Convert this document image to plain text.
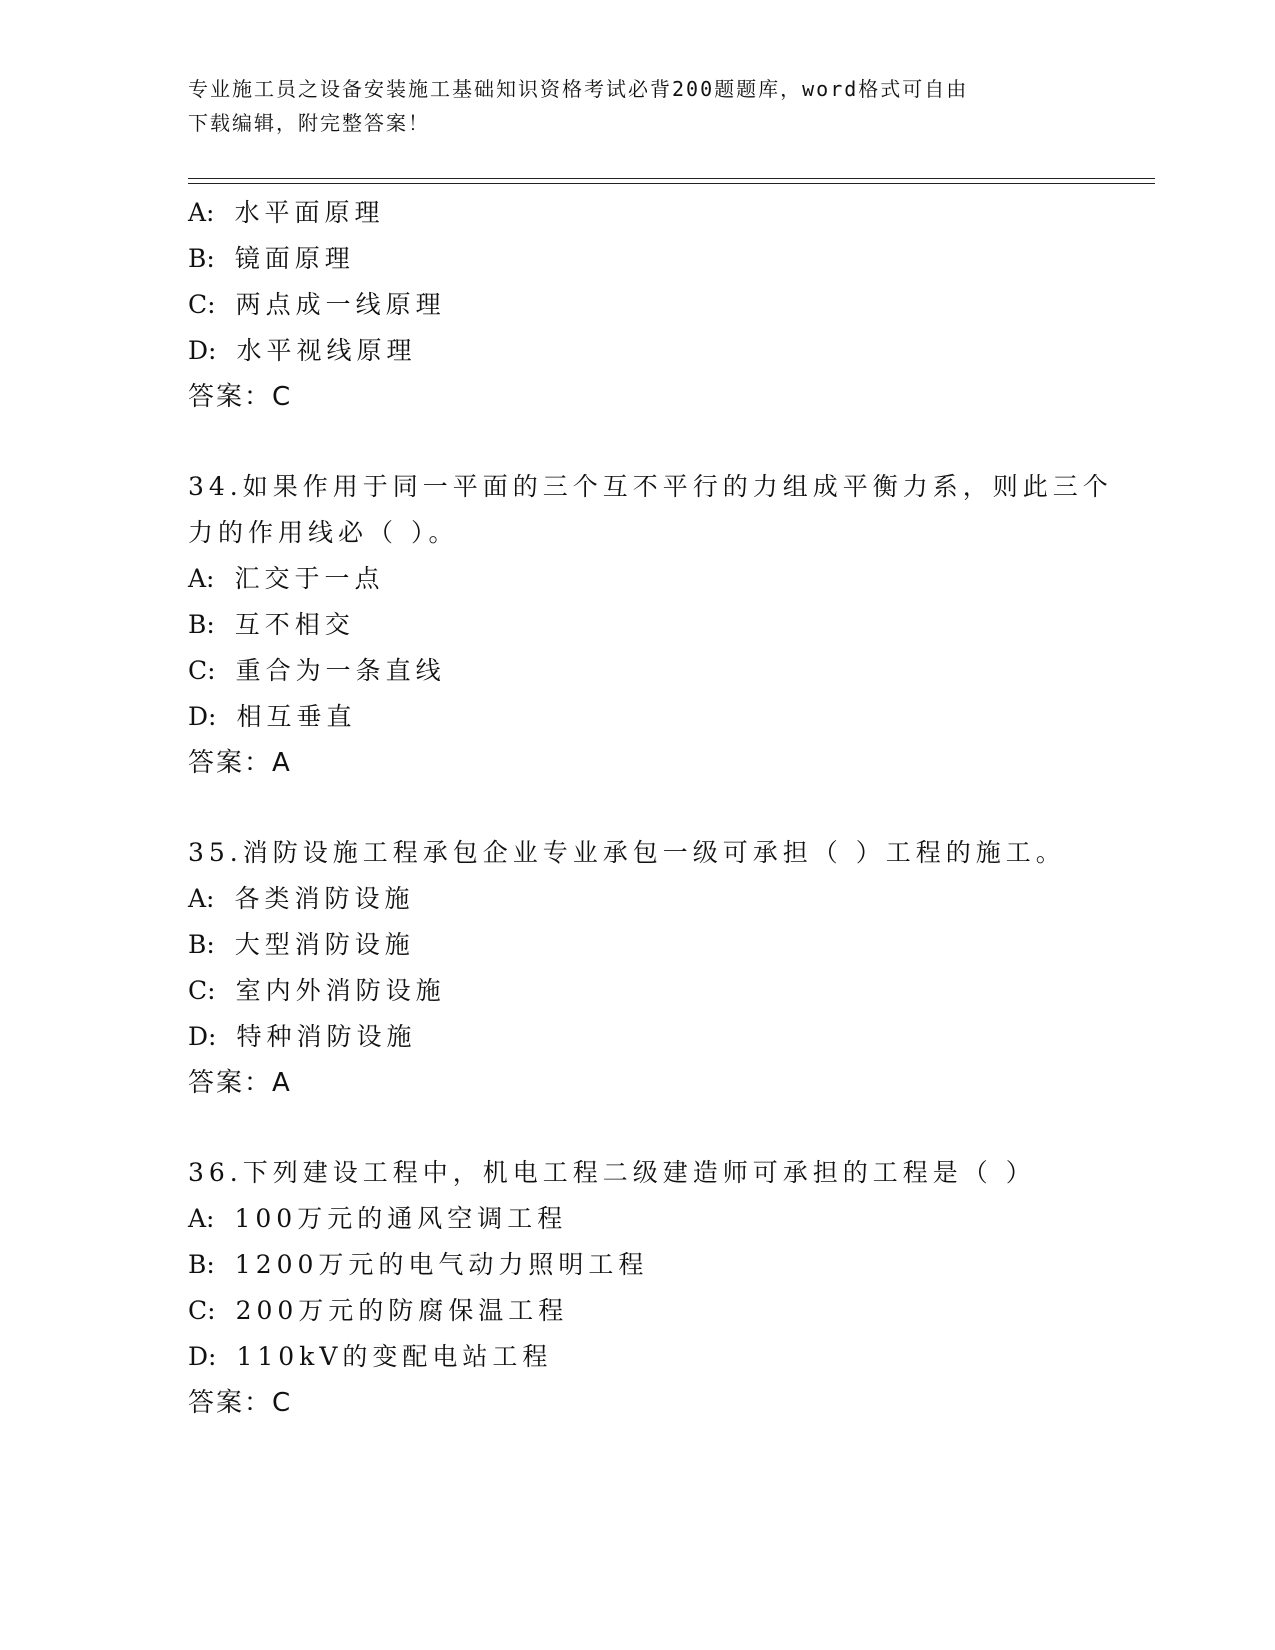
专业施工员之设备安装施工基础知识资格考试必背200题题库，word格式可自由
下载编辑，附完整答案！
A: 水平面原理
B: 镜面原理
C: 两点成一线原理
D: 水平视线原理
答案：C
34.如果作用于同一平面的三个互不平行的力组成平衡力系，则此三个
力的作用线必（ ）。
A: 汇交于一点
B: 互不相交
C: 重合为一条直线
D: 相互垂直
答案：A
35.消防设施工程承包企业专业承包一级可承担（ ）工程的施工。
A: 各类消防设施
B: 大型消防设施
C: 室内外消防设施
D: 特种消防设施
答案：A
36.下列建设工程中，机电工程二级建造师可承担的工程是（ ）
A: 100万元的通风空调工程
B: 1200万元的电气动力照明工程
C: 200万元的防腐保温工程
D: 110kV的变配电站工程
答案：C
